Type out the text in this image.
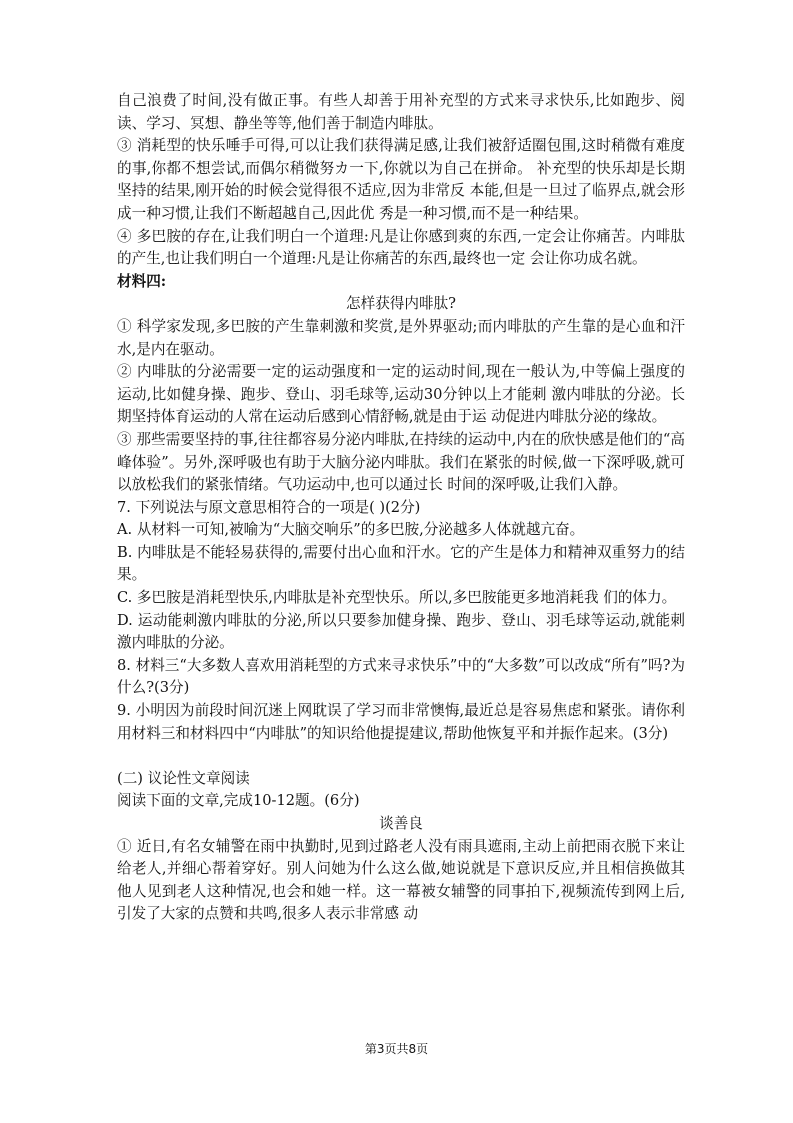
自己浪费了时间,没有做正事。有些人却善于用补充型的方式来寻求快乐,比如跑步、阅读、学习、冥想、静坐等等,他们善于制造内啡肽。

③ 消耗型的快乐唾手可得,可以让我们获得满足感,让我们被舒适圈包围,这时稍微有难度的事,你都不想尝试,而偶尔稍微努カ一下,你就以为自己在拼命。 补充型的快乐却是长期坚持的结果,刚开始的时候会觉得很不适应,因为非常反 本能,但是一旦过了临界点,就会形成一种习惯,让我们不断超越自己,因此优 秀是一种习惯,而不是一种结果。

④ 多巴胺的存在,让我们明白一个道理:凡是让你感到爽的东西,一定会让你痛苦。内啡肽的产生,也让我们明白一个道理:凡是让你痛苦的东西,最终也一定 会让你功成名就。

材料四:

怎样获得内啡肽?

① 科学家发现,多巴胺的产生靠刺激和奖赏,是外界驱动;而内啡肽的产生靠的是心血和汗水,是内在驱动。

② 内啡肽的分泌需要一定的运动强度和一定的运动时间,现在一般认为,中等偏上强度的运动,比如健身操、跑步、登山、羽毛球等,运动30分钟以上才能刺 激内啡肽的分泌。长期坚持体育运动的人常在运动后感到心情舒畅,就是由于运 动促进内啡肽分泌的缘故。

③ 那些需要坚持的事,往往都容易分泌内啡肽,在持续的运动中,内在的欣快感是他们的“高峰体验”。另外,深呼吸也有助于大脑分泌内啡肽。我们在紧张的时候,做一下深呼吸,就可以放松我们的紧张情绪。气功运动中,也可以通过长 时间的深呼吸,让我们入静。

7. 下列说法与原文意思相符合的一项是( )(2分)

A. 从材料一可知,被喻为“大脑交响乐”的多巴胺,分泌越多人体就越亢奋。

B. 内啡肽是不能轻易获得的,需要付出心血和汗水。它的产生是体力和精神双重努力的结果。

C. 多巴胺是消耗型快乐,内啡肽是补充型快乐。所以,多巴胺能更多地消耗我 们的体力。

D. 运动能刺激内啡肽的分泌,所以只要参加健身操、跑步、登山、羽毛球等运动,就能刺激内啡肽的分泌。

8. 材料三“大多数人喜欢用消耗型的方式来寻求快乐”中的“大多数”可以改成“所有”吗?为什么?(3分)

9. 小明因为前段时间沉迷上网耽误了学习而非常懊悔,最近总是容易焦虑和紧张。请你利用材料三和材料四中“内啡肽”的知识给他提提建议,帮助他恢复平和并振作起来。(3分)

(二) 议论性文章阅读

阅读下面的文章,完成10-12题。(6分)

谈善良

① 近日,有名女辅警在雨中执勤时,见到过路老人没有雨具遮雨,主动上前把雨衣脱下来让给老人,并细心帮着穿好。别人问她为什么这么做,她说就是下意识反应,并且相信换做其他人见到老人这种情况,也会和她一样。这一幕被女辅警的同事拍下,视频流传到网上后,引发了大家的点赞和共鸣,很多人表示非常感 动

第3页共8页
